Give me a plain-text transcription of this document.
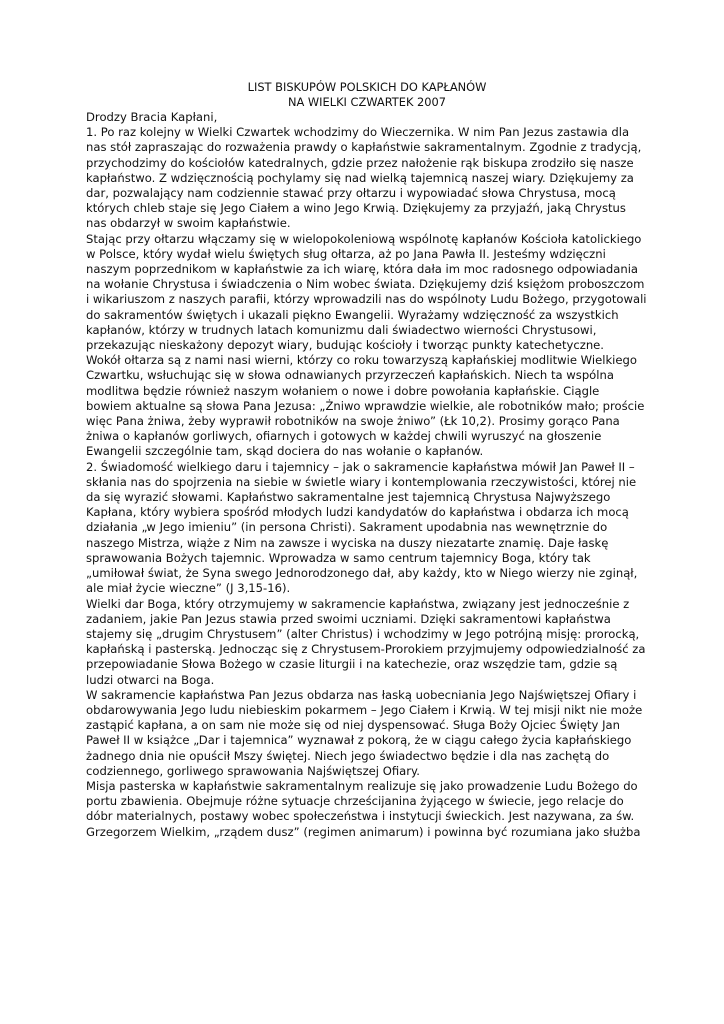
LIST BISKUPÓW POLSKICH DO KAPŁANÓW
NA WIELKI CZWARTEK 2007

Drodzy Bracia Kapłani,

1. Po raz kolejny w Wielki Czwartek wchodzimy do Wieczernika. W nim Pan Jezus zastawia dla nas stół zapraszając do rozważenia prawdy o kapłaństwie sakramentalnym. Zgodnie z tradycją, przychodzimy do kościołów katedralnych, gdzie przez nałożenie rąk biskupa zrodziło się nasze kapłaństwo. Z wdzięcznością pochylamy się nad wielką tajemnicą naszej wiary. Dziękujemy za dar, pozwalający nam codziennie stawać przy ołtarzu i wypowiadać słowa Chrystusa, mocą których chleb staje się Jego Ciałem a wino Jego Krwią. Dziękujemy za przyjaźń, jaką Chrystus nas obdarzył w swoim kapłaństwie.

Stając przy ołtarzu włączamy się w wielopokoleniową wspólnotę kapłanów Kościoła katolickiego w Polsce, który wydał wielu świętych sług ołtarza, aż po Jana Pawła II. Jesteśmy wdzięczni naszym poprzednikom w kapłaństwie za ich wiarę, która dała im moc radosnego odpowiadania na wołanie Chrystusa i świadczenia o Nim wobec świata. Dziękujemy dziś księżom proboszczom i wikariuszom z naszych parafii, którzy wprowadzili nas do wspólnoty Ludu Bożego, przygotowali do sakramentów świętych i ukazali piękno Ewangelii. Wyrażamy wdzięczność za wszystkich kapłanów, którzy w trudnych latach komunizmu dali świadectwo wierności Chrystusowi, przekazując nieskażony depozyt wiary, budując kościoły i tworząc punkty katechetyczne.

Wokół ołtarza są z nami nasi wierni, którzy co roku towarzyszą kapłańskiej modlitwie Wielkiego Czwartku, wsłuchując się w słowa odnawianych przyrzeczeń kapłańskich. Niech ta wspólna modlitwa będzie również naszym wołaniem o nowe i dobre powołania kapłańskie. Ciągle bowiem aktualne są słowa Pana Jezusa: „Żniwo wprawdzie wielkie, ale robotników mało; proście więc Pana żniwa, żeby wyprawił robotników na swoje żniwo” (Łk 10,2). Prosimy gorąco Pana żniwa o kapłanów gorliwych, ofiarnych i gotowych w każdej chwili wyruszyć na głoszenie Ewangelii szczególnie tam, skąd dociera do nas wołanie o kapłanów.

2. Świadomość wielkiego daru i tajemnicy – jak o sakramencie kapłaństwa mówił Jan Paweł II – skłania nas do spojrzenia na siebie w świetle wiary i kontemplowania rzeczywistości, której nie da się wyrazić słowami. Kapłaństwo sakramentalne jest tajemnicą Chrystusa Najwyższego Kapłana, który wybiera spośród młodych ludzi kandydatów do kapłaństwa i obdarza ich mocą działania „w Jego imieniu” (in persona Christi). Sakrament upodabnia nas wewnętrznie do naszego Mistrza, wiąże z Nim na zawsze i wyciska na duszy niezatarte znamię. Daje łaskę sprawowania Bożych tajemnic. Wprowadza w samo centrum tajemnicy Boga, który tak „umiłował świat, że Syna swego Jednorodzonego dał, aby każdy, kto w Niego wierzy nie zginął, ale miał życie wieczne” (J 3,15-16).

Wielki dar Boga, który otrzymujemy w sakramencie kapłaństwa, związany jest jednocześnie z zadaniem, jakie Pan Jezus stawia przed swoimi uczniami. Dzięki sakramentowi kapłaństwa stajemy się „drugim Chrystusem” (alter Christus) i wchodzimy w Jego potrójną misję: prorocką, kapłańską i pasterską. Jednocząc się z Chrystusem-Prorokiem przyjmujemy odpowiedzialność za przepowiadanie Słowa Bożego w czasie liturgii i na katechezie, oraz wszędzie tam, gdzie są ludzi otwarci na Boga.

W sakramencie kapłaństwa Pan Jezus obdarza nas łaską uobecniania Jego Najświętszej Ofiary i obdarowywania Jego ludu niebieskim pokarmem – Jego Ciałem i Krwią. W tej misji nikt nie może zastąpić kapłana, a on sam nie może się od niej dyspensować. Sługa Boży Ojciec Święty Jan Paweł II w książce „Dar i tajemnica” wyznawał z pokorą, że w ciągu całego życia kapłańskiego żadnego dnia nie opuścił Mszy świętej. Niech jego świadectwo będzie i dla nas zachętą do codziennego, gorliwego sprawowania Najświętszej Ofiary.

Misja pasterska w kapłaństwie sakramentalnym realizuje się jako prowadzenie Ludu Bożego do portu zbawienia. Obejmuje różne sytuacje chrześcijanina żyjącego w świecie, jego relacje do dóbr materialnych, postawy wobec społeczeństwa i instytucji świeckich. Jest nazywana, za św. Grzegorzem Wielkim, „rządem dusz” (regimen animarum) i powinna być rozumiana jako służba
